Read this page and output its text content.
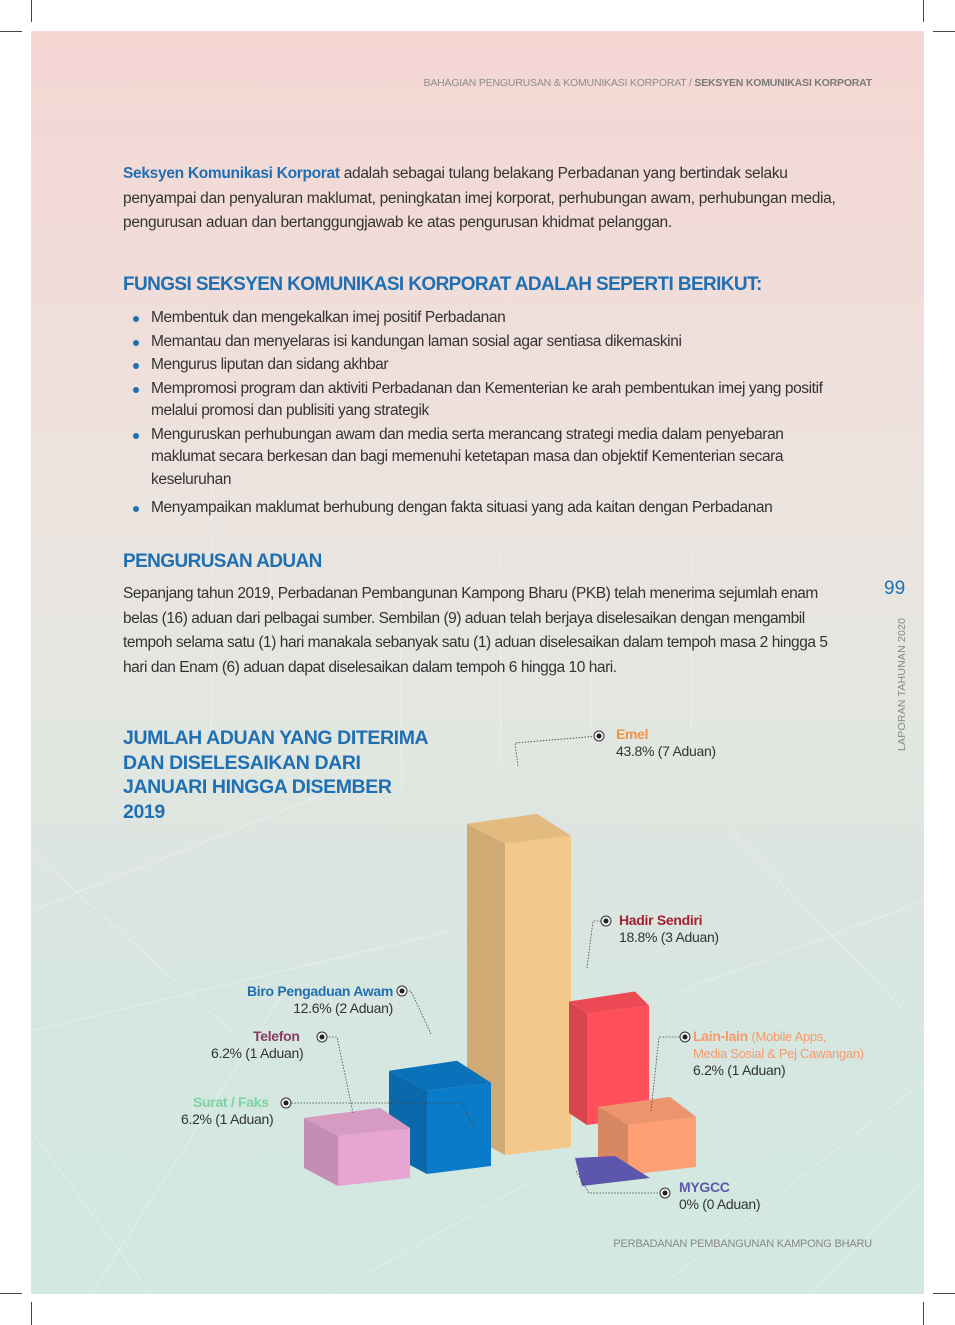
BAHAGIAN PENGURUSAN & KOMUNIKASI KORPORAT / SEKSYEN KOMUNIKASI KORPORAT
Seksyen Komunikasi Korporat adalah sebagai tulang belakang Perbadanan yang bertindak selaku penyampai dan penyaluran maklumat, peningkatan imej korporat, perhubungan awam, perhubungan media, pengurusan aduan dan bertanggungjawab ke atas pengurusan khidmat pelanggan.
FUNGSI SEKSYEN KOMUNIKASI KORPORAT ADALAH SEPERTI BERIKUT:
Membentuk dan mengekalkan imej positif Perbadanan
Memantau dan menyelaras isi kandungan laman sosial agar sentiasa dikemaskini
Mengurus liputan dan sidang akhbar
Mempromosi program dan aktiviti Perbadanan dan Kementerian ke arah pembentukan imej yang positif melalui promosi dan publisiti yang strategik
Menguruskan perhubungan awam dan media serta merancang strategi media dalam penyebaran maklumat secara berkesan dan bagi memenuhi ketetapan masa dan objektif Kementerian secara keseluruhan
Menyampaikan maklumat berhubung dengan fakta situasi yang ada kaitan dengan Perbadanan
PENGURUSAN ADUAN
Sepanjang tahun 2019, Perbadanan Pembangunan Kampong Bharu (PKB) telah menerima sejumlah enam belas (16) aduan dari pelbagai sumber. Sembilan (9) aduan telah berjaya diselesaikan dengan mengambil tempoh selama satu (1) hari manakala sebanyak satu (1) aduan diselesaikan dalam tempoh masa 2 hingga 5 hari dan Enam (6) aduan dapat diselesaikan dalam tempoh 6 hingga 10 hari.
99
LAPORAN TAHUNAN 2020
JUMLAH ADUAN YANG DITERIMA DAN DISELESAIKAN DARI JANUARI HINGGA DISEMBER 2019
Emel
43.8% (7 Aduan)
Hadir Sendiri
18.8% (3 Aduan)
Biro Pengaduan Awam
12.6% (2 Aduan)
Telefon
6.2% (1 Aduan)
Surat / Faks
6.2% (1 Aduan)
Lain-lain (Mobile Apps,
Media Sosial & Pej Cawangan)
6.2% (1 Aduan)
MYGCC
0% (0 Aduan)
PERBADANAN PEMBANGUNAN KAMPONG BHARU
